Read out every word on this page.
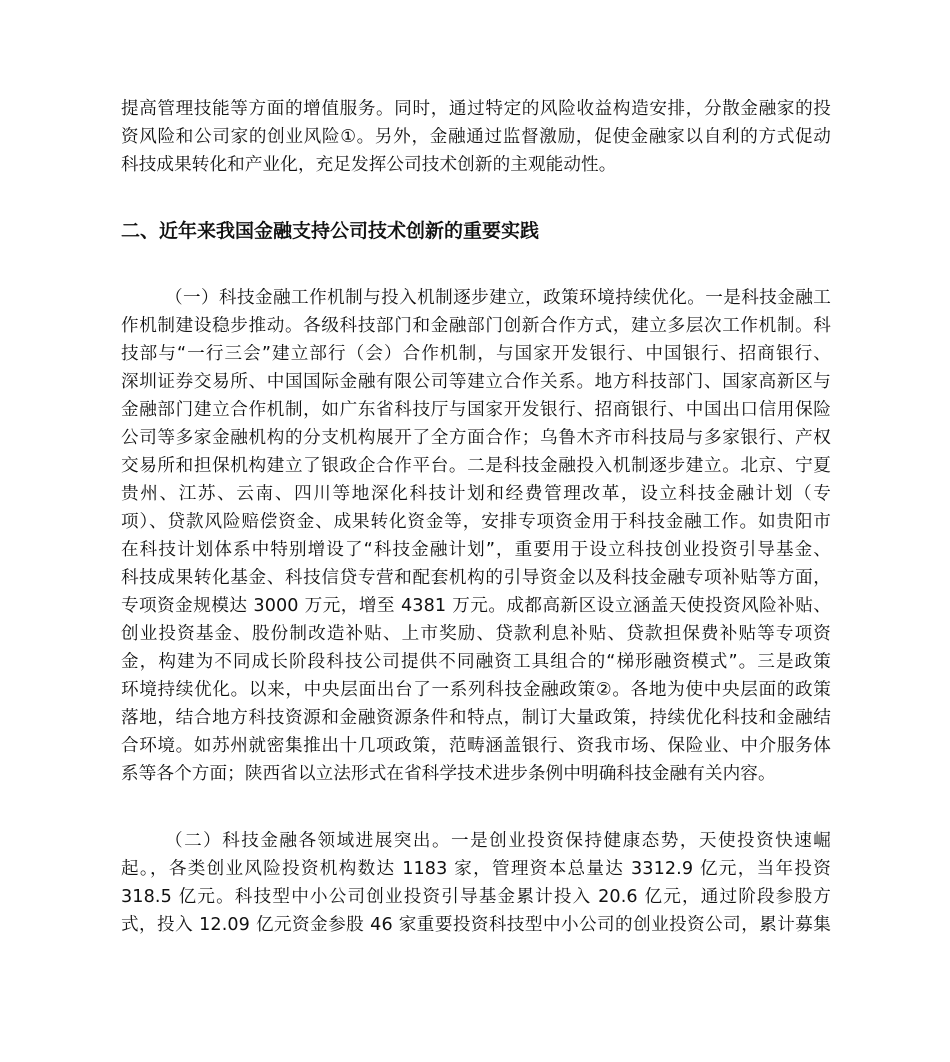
提高管理技能等方面的增值服务。同时，通过特定的风险收益构造安排，分散金融家的投
资风险和公司家的创业风险①。另外，金融通过监督激励，促使金融家以自利的方式促动
科技成果转化和产业化，充足发挥公司技术创新的主观能动性。
二、近年来我国金融支持公司技术创新的重要实践
（一）科技金融工作机制与投入机制逐步建立，政策环境持续优化。一是科技金融工
作机制建设稳步推动。各级科技部门和金融部门创新合作方式，建立多层次工作机制。科
技部与“一行三会”建立部行（会）合作机制，与国家开发银行、中国银行、招商银行、
深圳证券交易所、中国国际金融有限公司等建立合作关系。地方科技部门、国家高新区与
金融部门建立合作机制，如广东省科技厅与国家开发银行、招商银行、中国出口信用保险
公司等多家金融机构的分支机构展开了全方面合作；乌鲁木齐市科技局与多家银行、产权
交易所和担保机构建立了银政企合作平台。二是科技金融投入机制逐步建立。北京、宁夏
贵州、江苏、云南、四川等地深化科技计划和经费管理改革，设立科技金融计划（专
项）、贷款风险赔偿资金、成果转化资金等，安排专项资金用于科技金融工作。如贵阳市
在科技计划体系中特别增设了“科技金融计划”，重要用于设立科技创业投资引导基金、
科技成果转化基金、科技信贷专营和配套机构的引导资金以及科技金融专项补贴等方面，
专项资金规模达 3000 万元，增至 4381 万元。成都高新区设立涵盖天使投资风险补贴、
创业投资基金、股份制改造补贴、上市奖励、贷款利息补贴、贷款担保费补贴等专项资
金，构建为不同成长阶段科技公司提供不同融资工具组合的“梯形融资模式”。三是政策
环境持续优化。以来，中央层面出台了一系列科技金融政策②。各地为使中央层面的政策
落地，结合地方科技资源和金融资源条件和特点，制订大量政策，持续优化科技和金融结
合环境。如苏州就密集推出十几项政策，范畴涵盖银行、资我市场、保险业、中介服务体
系等各个方面；陕西省以立法形式在省科学技术进步条例中明确科技金融有关内容。
（二）科技金融各领域进展突出。一是创业投资保持健康态势，天使投资快速崛
起。，各类创业风险投资机构数达 1183 家，管理资本总量达 3312.9 亿元，当年投资
318.5 亿元。科技型中小公司创业投资引导基金累计投入 20.6 亿元，通过阶段参股方
式，投入 12.09 亿元资金参股 46 家重要投资科技型中小公司的创业投资公司，累计募集
